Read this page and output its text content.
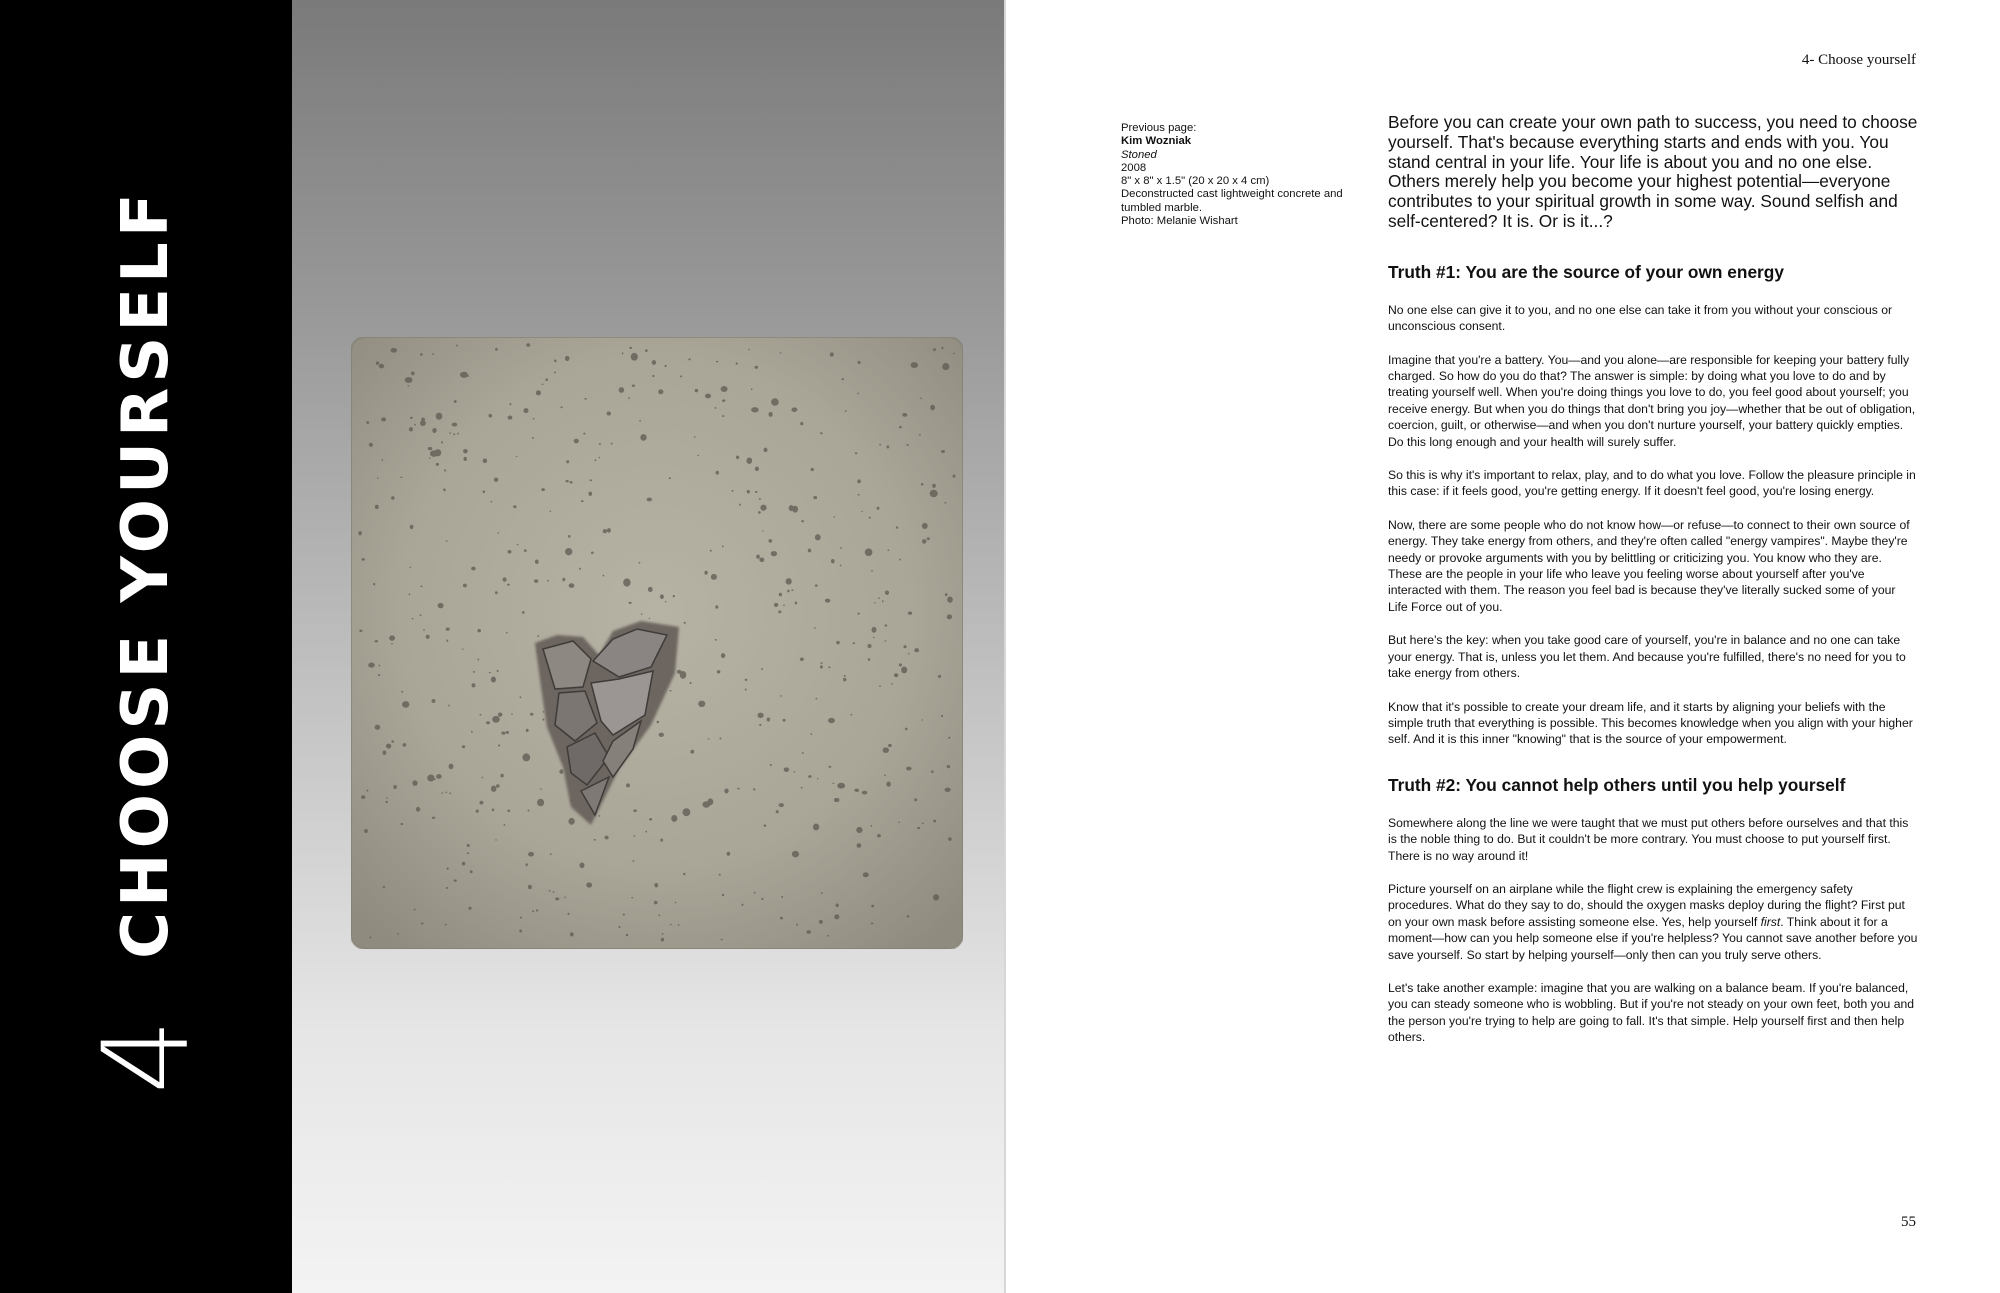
4
CHOOSE YOURSELF
4- Choose yourself
Previous page:
Kim Wozniak
Stoned
2008
8" x 8" x 1.5" (20 x 20 x 4 cm)
Deconstructed cast lightweight concrete and tumbled marble.
Photo: Melanie Wishart

Before you can create your own path to success, you need to choose yourself. That's because everything starts and ends with you. You stand central in your life. Your life is about you and no one else. Others merely help you become your highest potential—everyone contributes to your spiritual growth in some way. Sound selfish and self-centered? It is. Or is it...?

Truth #1: You are the source of your own energy

No one else can give it to you, and no one else can take it from you without your conscious or unconscious consent.

Imagine that you're a battery. You—and you alone—are responsible for keeping your battery fully charged. So how do you do that? The answer is simple: by doing what you love to do and by treating yourself well. When you're doing things you love to do, you feel good about yourself; you receive energy. But when you do things that don't bring you joy—whether that be out of obligation, coercion, guilt, or otherwise—and when you don't nurture yourself, your battery quickly empties. Do this long enough and your health will surely suffer.

So this is why it's important to relax, play, and to do what you love. Follow the pleasure principle in this case: if it feels good, you're getting energy. If it doesn't feel good, you're losing energy.

Now, there are some people who do not know how—or refuse—to connect to their own source of energy. They take energy from others, and they're often called "energy vampires". Maybe they're needy or provoke arguments with you by belittling or criticizing you. You know who they are. These are the people in your life who leave you feeling worse about yourself after you've interacted with them. The reason you feel bad is because they've literally sucked some of your Life Force out of you.

But here's the key: when you take good care of yourself, you're in balance and no one can take your energy. That is, unless you let them. And because you're fulfilled, there's no need for you to take energy from others.

Know that it's possible to create your dream life, and it starts by aligning your beliefs with the simple truth that everything is possible. This becomes knowledge when you align with your higher self. And it is this inner "knowing" that is the source of your empowerment.

Truth #2: You cannot help others until you help yourself

Somewhere along the line we were taught that we must put others before ourselves and that this is the noble thing to do. But it couldn't be more contrary. You must choose to put yourself first. There is no way around it!

Picture yourself on an airplane while the flight crew is explaining the emergency safety procedures. What do they say to do, should the oxygen masks deploy during the flight? First put on your own mask before assisting someone else. Yes, help yourself first. Think about it for a moment—how can you help someone else if you're helpless? You cannot save another before you save yourself. So start by helping yourself—only then can you truly serve others.

Let's take another example: imagine that you are walking on a balance beam. If you're balanced, you can steady someone who is wobbling. But if you're not steady on your own feet, both you and the person you're trying to help are going to fall. It's that simple. Help yourself first and then help others.

55
